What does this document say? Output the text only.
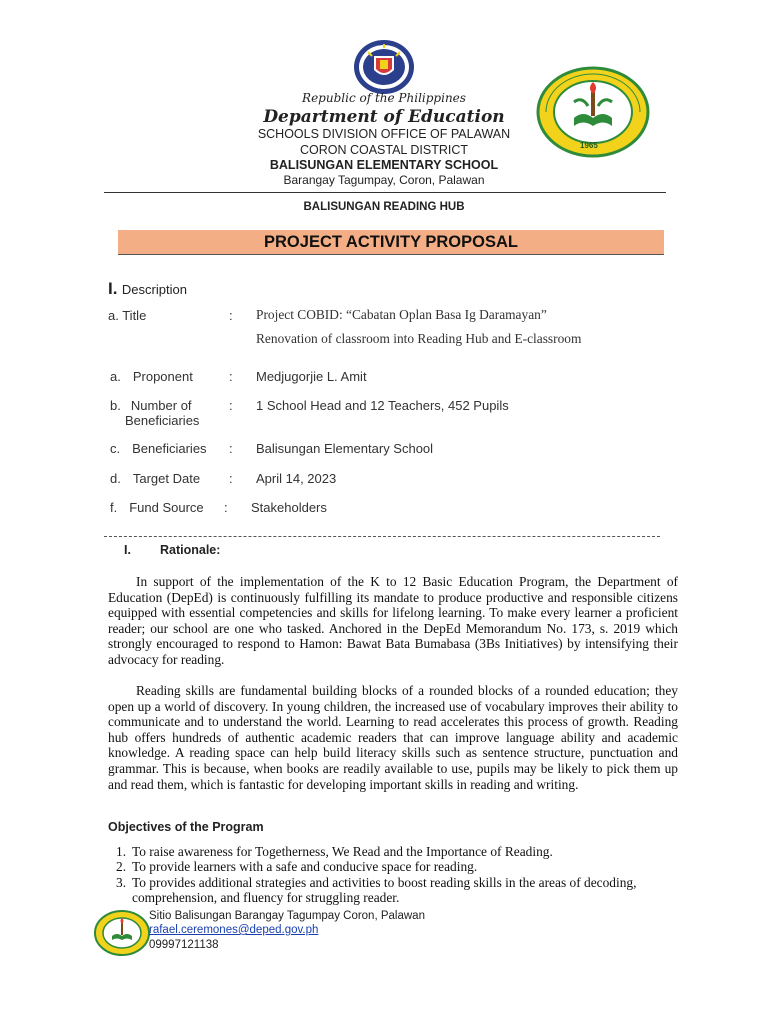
1965
Republic of the Philippines
Department of Education
SCHOOLS DIVISION OFFICE OF PALAWAN
CORON COASTAL DISTRICT
BALISUNGAN ELEMENTARY SCHOOL
Barangay Tagumpay, Coron, Palawan
BALISUNGAN READING HUB
PROJECT ACTIVITY PROPOSAL
I. Description
a. Title	: Project COBID: “Cabatan Oplan Basa Ig Daramayan”
Renovation of classroom into Reading Hub and E-classroom
a. Proponent	: Medjugorjie L. Amit
b. Number of
Beneficiaries
: 1 School Head and 12 Teachers, 452 Pupils
c. Beneficiaries : Balisungan Elementary School
d. Target Date : April 14, 2023
f. Fund Source : Stakeholders
I. Rationale:
In support of the implementation of the K to 12 Basic Education Program, the Department of Education (DepEd) is continuously fulfilling its mandate to produce productive and responsible citizens equipped with essential competencies and skills for lifelong learning. To make every learner a proficient reader; our school are one who tasked. Anchored in the DepEd Memorandum No. 173, s. 2019 which strongly encouraged to respond to Hamon: Bawat Bata Bumabasa (3Bs Initiatives) by intensifying their advocacy for reading.
Reading skills are fundamental building blocks of a rounded blocks of a rounded education; they open up a world of discovery. In young children, the increased use of vocabulary improves their ability to communicate and to understand the world. Learning to read accelerates this process of growth. Reading hub offers hundreds of authentic academic readers that can improve language ability and academic knowledge. A reading space can help build literacy skills such as sentence structure, punctuation and grammar. This is because, when books are readily available to use, pupils may be likely to pick them up and read them, which is fantastic for developing important skills in reading and writing.
Objectives of the Program
1. To raise awareness for Togetherness, We Read and the Importance of Reading.
2. To provide learners with a safe and conducive space for reading.
3. To provides additional strategies and activities to boost reading skills in the areas of decoding, comprehension, and fluency for struggling reader.
Sitio Balisungan Barangay Tagumpay Coron, Palawan
rafael.ceremones@deped.gov.ph
09997121138
